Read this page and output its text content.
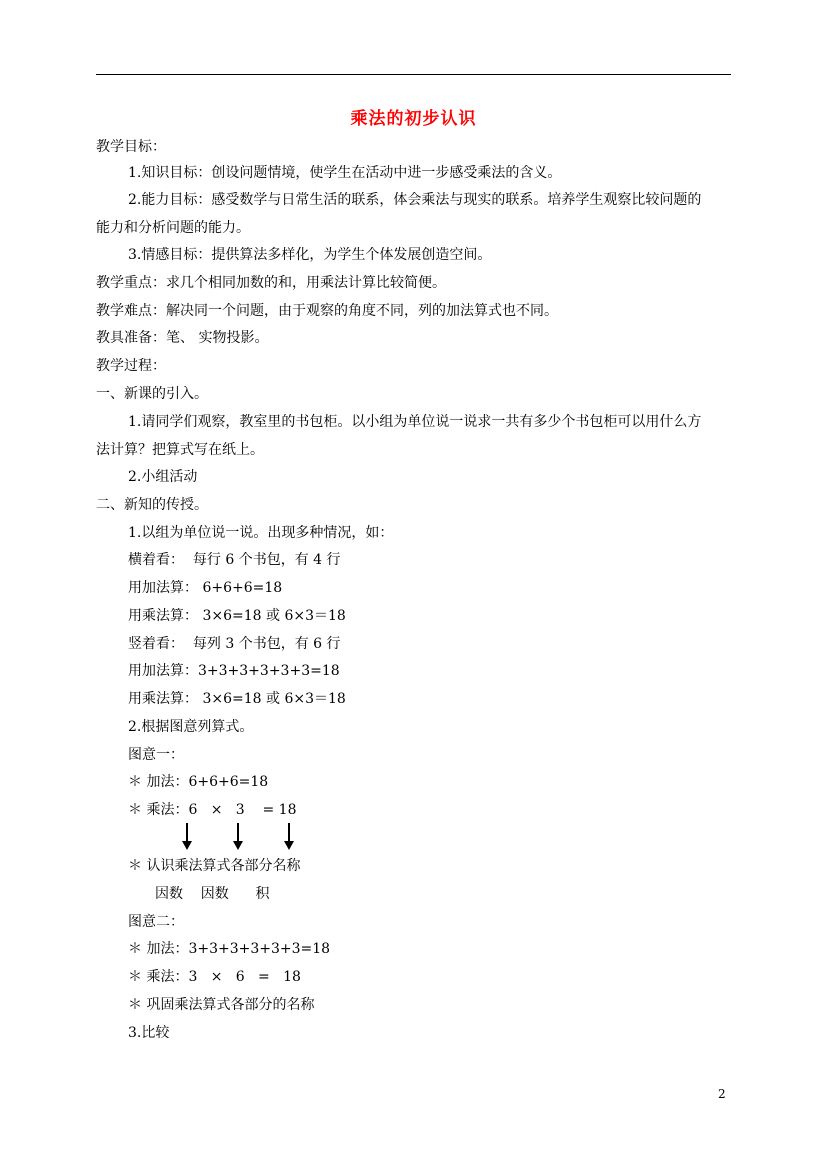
乘法的初步认识
教学目标：
1.知识目标：创设问题情境，使学生在活动中进一步感受乘法的含义。
2.能力目标：感受数学与日常生活的联系，体会乘法与现实的联系。培养学生观察比较问题的
能力和分析问题的能力。
3.情感目标：提供算法多样化，为学生个体发展创造空间。
教学重点：求几个相同加数的和，用乘法计算比较简便。
教学难点：解决同一个问题，由于观察的角度不同，列的加法算式也不同。
教具准备：笔、 实物投影。
教学过程：
一、新课的引入。
1.请同学们观察，教室里的书包柜。以小组为单位说一说求一共有多少个书包柜可以用什么方
法计算？把算式写在纸上。
2.小组活动
二、新知的传授。
1.以组为单位说一说。出现多种情况，如：
横着看：  每行 6 个书包，有 4 行
用加法算： 6+6+6=18
用乘法算： 3×6=18 或 6×3＝18
竖着看：  每列 3 个书包，有 6 行
用加法算：3+3+3+3+3+3=18
用乘法算： 3×6=18 或 6×3＝18
2.根据图意列算式。
图意一：
＊ 加法：6+6+6=18
＊ 乘法：6   ×   3    = 18
＊ 认识乘法算式各部分名称
因数    因数      积
图意二：
＊ 加法：3+3+3+3+3+3=18
＊ 乘法：3   ×   6   =   18
＊ 巩固乘法算式各部分的名称
3.比较
2
